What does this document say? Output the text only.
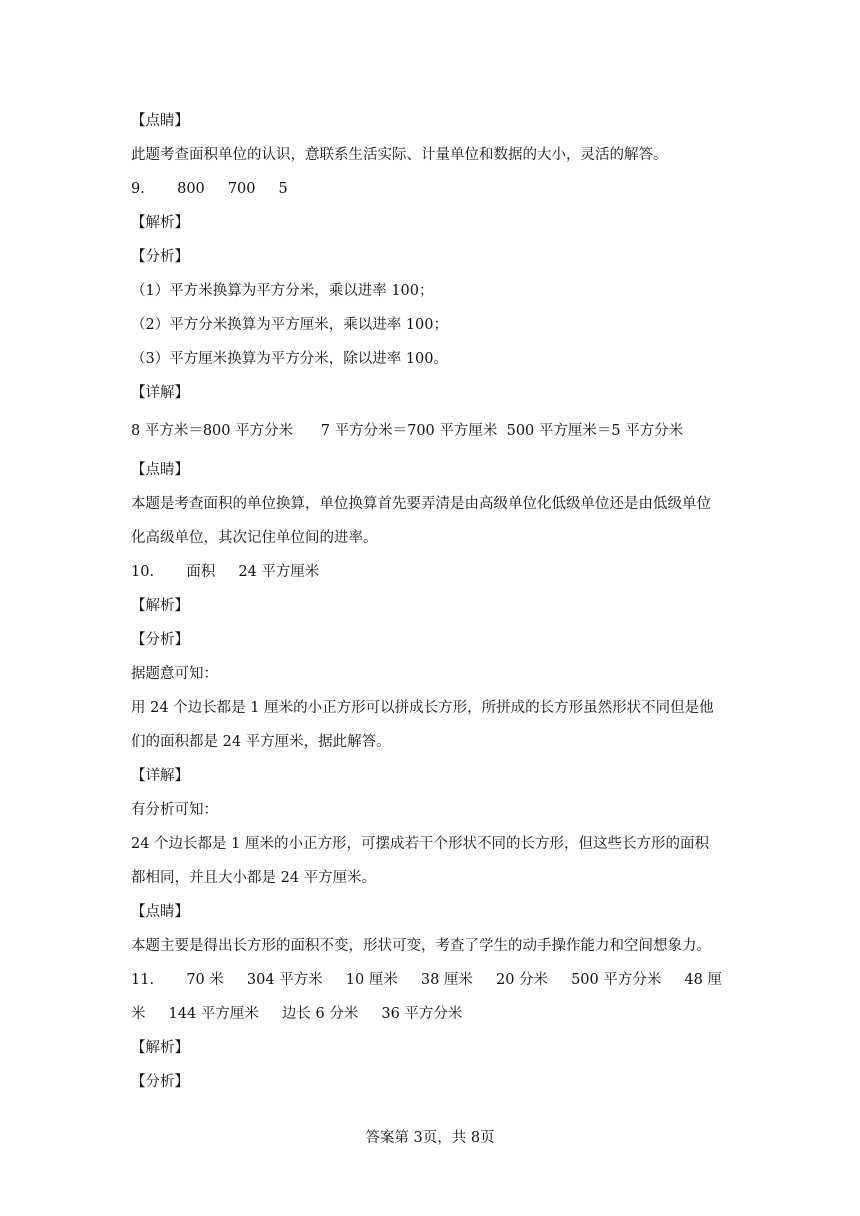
【点睛】
此题考查面积单位的认识，意联系生活实际、计量单位和数据的大小，灵活的解答。
9.       800     700     5
【解析】
【分析】
（1）平方米换算为平方分米，乘以进率 100；
（2）平方分米换算为平方厘米，乘以进率 100；
（3）平方厘米换算为平方分米，除以进率 100。
【详解】
8 平方米＝800 平方分米      7 平方分米＝700 平方厘米  500 平方厘米＝5 平方分米
【点睛】
本题是考查面积的单位换算，单位换算首先要弄清是由高级单位化低级单位还是由低级单位
化高级单位，其次记住单位间的进率。
10.       面积     24 平方厘米
【解析】
【分析】
据题意可知：
用 24 个边长都是 1 厘米的小正方形可以拼成长方形，所拼成的长方形虽然形状不同但是他
们的面积都是 24 平方厘米，据此解答。
【详解】
有分析可知：
24 个边长都是 1 厘米的小正方形，可摆成若干个形状不同的长方形，但这些长方形的面积
都相同，并且大小都是 24 平方厘米。
【点睛】
本题主要是得出长方形的面积不变，形状可变，考查了学生的动手操作能力和空间想象力。
11.       70 米     304 平方米     10 厘米     38 厘米     20 分米     500 平方分米     48 厘
米     144 平方厘米     边长 6 分米     36 平方分米
【解析】
【分析】
答案第 3页，共 8页
